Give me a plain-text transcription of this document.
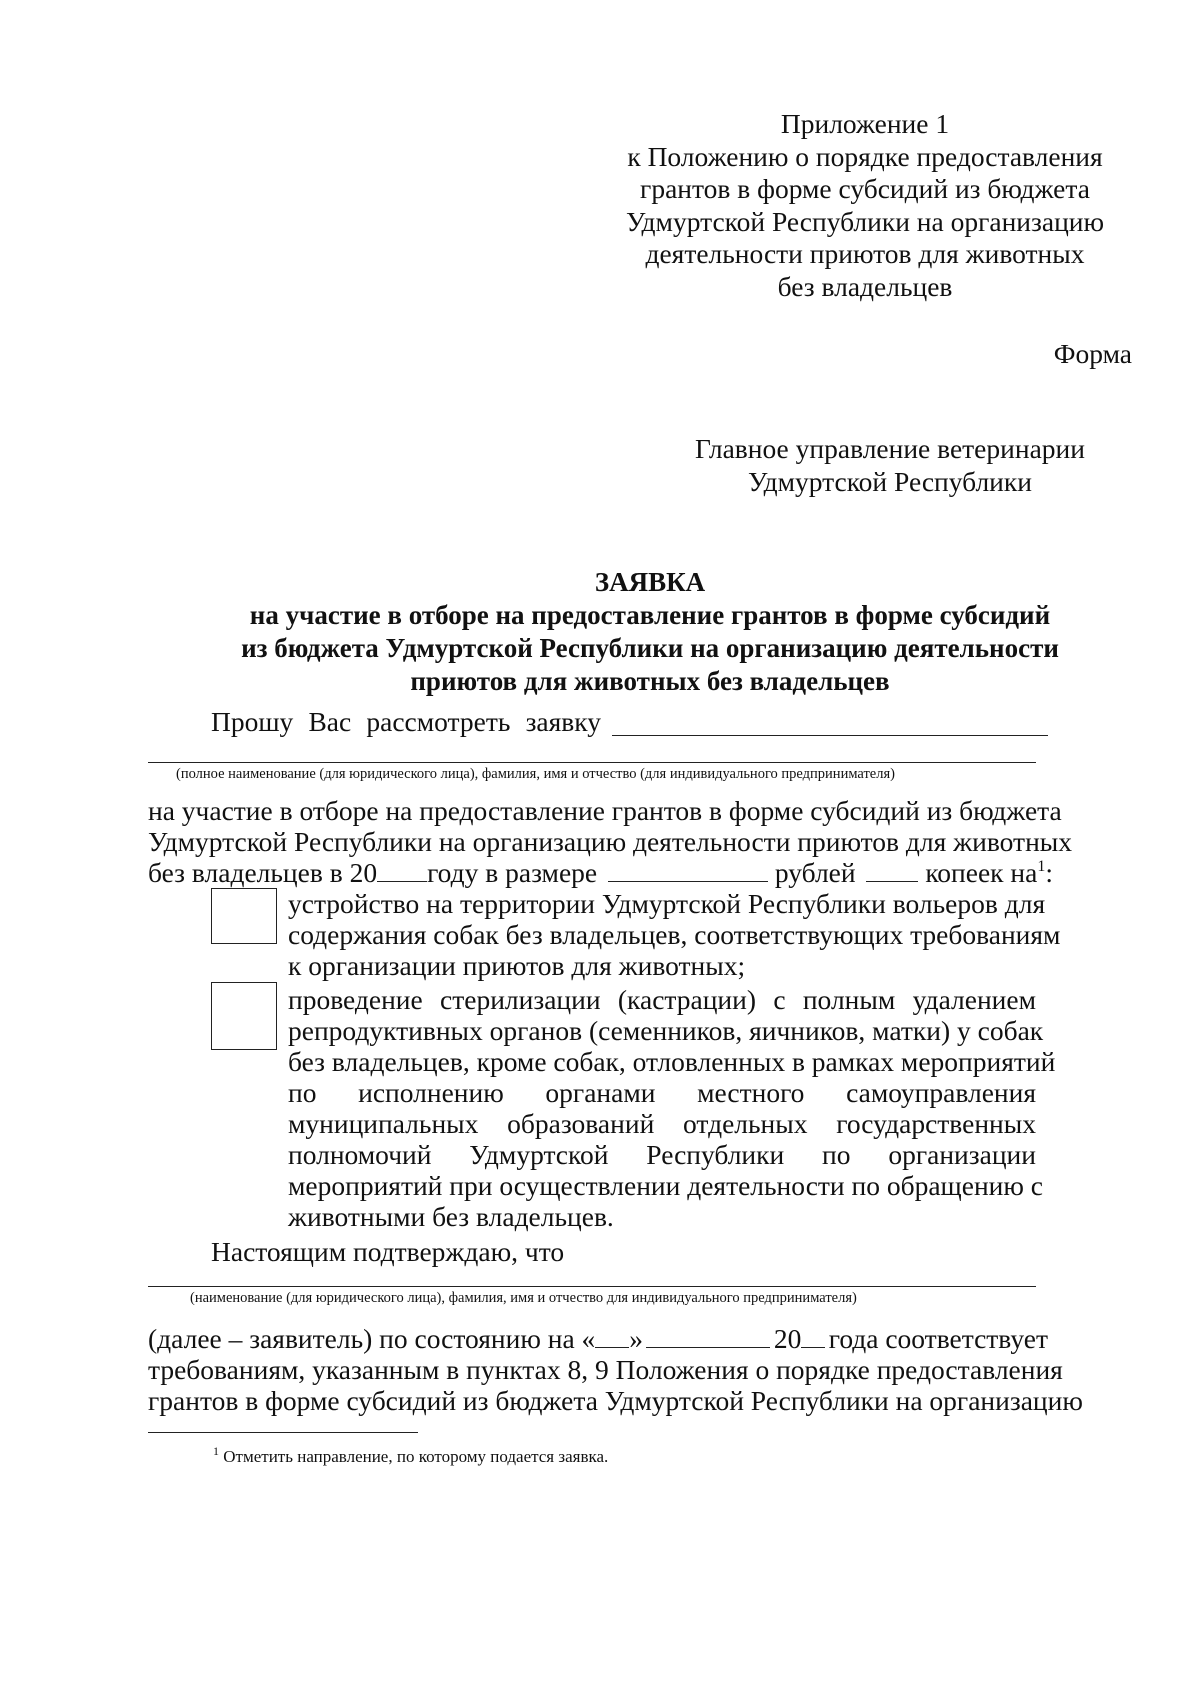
Приложение 1
к Положению о порядке предоставления
грантов в форме субсидий из бюджета
Удмуртской Республики на организацию
деятельности приютов для животных
без владельцев
Форма
Главное управление ветеринарии
Удмуртской Республики
ЗАЯВКА
на участие в отборе на предоставление грантов в форме субсидий
из бюджета Удмуртской Республики на организацию деятельности
приютов для животных без владельцев
Прошу Вас рассмотреть заявку
(полное наименование (для юридического лица), фамилия, имя и отчество (для индивидуального предпринимателя)
на участие в отборе на предоставление грантов в форме субсидий из бюджета
Удмуртской Республики на организацию деятельности приютов для животных
без владельцев в 20 году в размере	рублей	копеек $на^1$:
устройство на территории Удмуртской Республики вольеров для
содержания собак без владельцев, соответствующих требованиям
к организации приютов для животных;
проведение стерилизации (кастрации) с полным удалением
репродуктивных органов (семенников, яичников, матки) у собак
без владельцев, кроме собак, отловленных в рамках мероприятий
по исполнению органами местного самоуправления
муниципальных образований отдельных государственных
полномочий Удмуртской Республики по организации
мероприятий при осуществлении деятельности по обращению с
животными без владельцев.
Настоящим подтверждаю, что
(наименование (для юридического лица), фамилия, имя и отчество для индивидуального предпринимателя)
(далее – заявитель) по состоянию на « »	20 года соответствует
требованиям, указанным в пунктах 8, 9 Положения о порядке предоставления
грантов в форме субсидий из бюджета Удмуртской Республики на организацию
$^1$ Отметить направление, по которому подается заявка.
